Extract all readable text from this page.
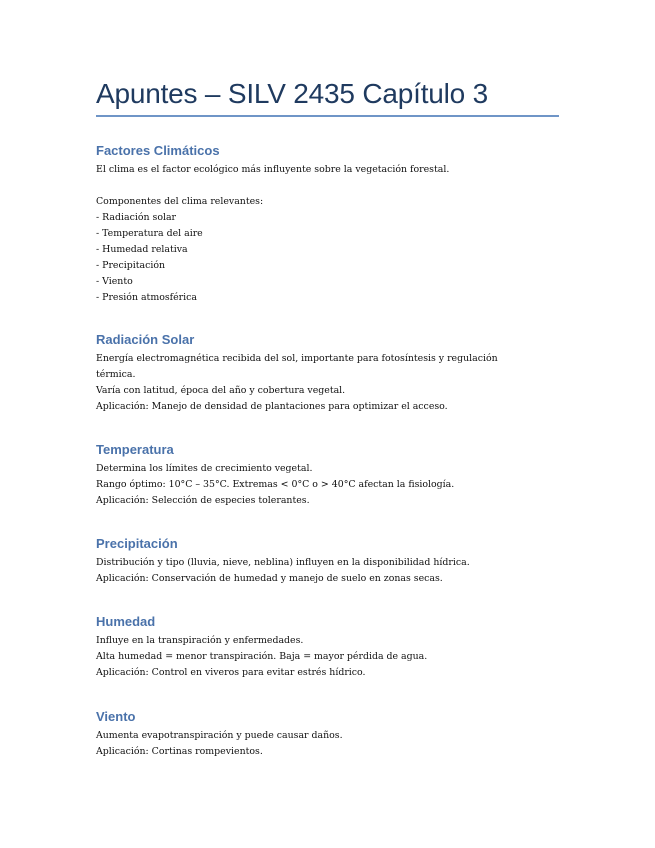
Apuntes – SILV 2435 Capítulo 3
Factores Climáticos

El clima es el factor ecológico más influyente sobre la vegetación forestal.

Componentes del clima relevantes:

- Radiación solar

- Temperatura del aire

- Humedad relativa

- Precipitación

- Viento

- Presión atmosférica

Radiación Solar

Energía electromagnética recibida del sol, importante para fotosíntesis y regulación

térmica.

Varía con latitud, época del año y cobertura vegetal.

Aplicación: Manejo de densidad de plantaciones para optimizar el acceso.

Temperatura

Determina los límites de crecimiento vegetal.

Rango óptimo: 10°C – 35°C. Extremas < 0°C o > 40°C afectan la fisiología.

Aplicación: Selección de especies tolerantes.

Precipitación

Distribución y tipo (lluvia, nieve, neblina) influyen en la disponibilidad hídrica.

Aplicación: Conservación de humedad y manejo de suelo en zonas secas.

Humedad

Influye en la transpiración y enfermedades.

Alta humedad = menor transpiración. Baja = mayor pérdida de agua.

Aplicación: Control en viveros para evitar estrés hídrico.

Viento

Aumenta evapotranspiración y puede causar daños.

Aplicación: Cortinas rompevientos.
